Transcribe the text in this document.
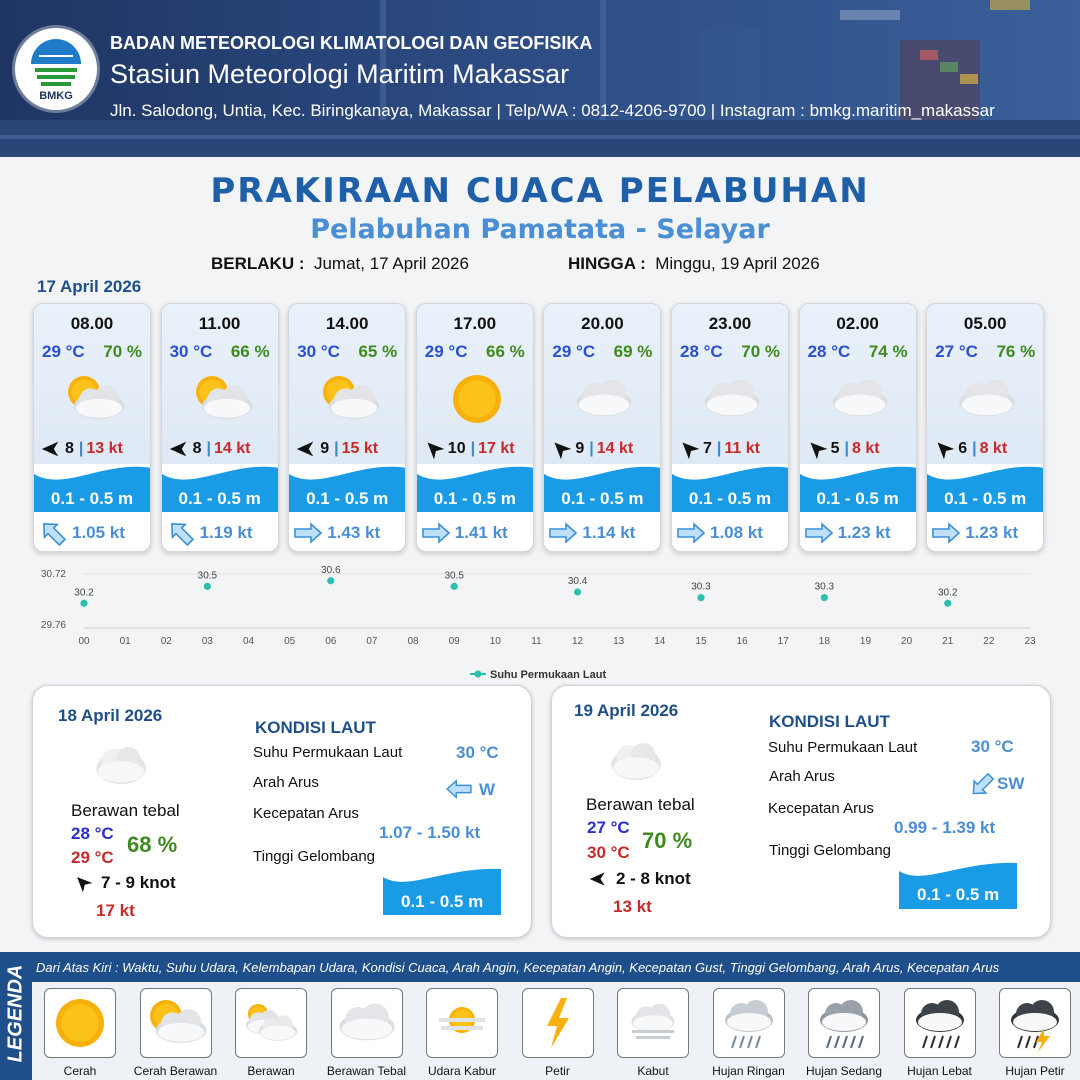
BMKG
BADAN METEOROLOGI KLIMATOLOGI DAN GEOFISIKA
Stasiun Meteorologi Maritim Makassar
Jln. Salodong, Untia, Kec. Biringkanaya, Makassar | Telp/WA : 0812-4206-9700 | Instagram : bmkg.maritim_makassar
PRAKIRAAN CUACA PELABUHAN
Pelabuhan Pamatata - Selayar
BERLAKU : Jumat, 17 April 2026	HINGGA : Minggu, 19 April 2026
17 April 2026
08.00
29 °C 70 %
8 | 13 kt
0.1 - 0.5 m
1.05 kt
11.00
30 °C 66 %
8 | 14 kt
0.1 - 0.5 m
1.19 kt
14.00
30 °C 65 %
9 | 15 kt
0.1 - 0.5 m
1.43 kt
17.00
29 °C 66 %
10 | 17 kt
0.1 - 0.5 m
1.41 kt
20.00
29 °C 69 %
9 | 14 kt
0.1 - 0.5 m
1.14 kt
23.00
28 °C 70 %
7 | 11 kt
0.1 - 0.5 m
1.08 kt
02.00
28 °C 74 %
5 | 8 kt
0.1 - 0.5 m
1.23 kt
05.00
27 °C 76 %
6 | 8 kt
0.1 - 0.5 m
1.23 kt
30.72
29.76
00	01	02	03	04	05	06	07	08	09	10	11	12	13	14	15	16	17	18	19	20	21	22	23
30.2
30.5
30.6
30.5
30.4
30.3	30.3
30.2
Suhu Permukaan Laut
18 April 2026
Berawan tebal
28 °C
29 °C
68 %
7 - 9 knot
17 kt
KONDISI LAUT
Suhu Permukaan Laut	30 °C
Arah Arus	W
Kecepatan Arus
1.07 - 1.50 kt
Tinggi Gelombang
0.1 - 0.5 m
19 April 2026
Berawan tebal
27 °C
30 °C 70 %
2 - 8 knot
13 kt
KONDISI LAUT
Suhu Permukaan Laut	30 °C
Arah Arus	SW
Kecepatan Arus
0.99 - 1.39 kt
Tinggi Gelombang
0.1 - 0.5 m
LEGENDA Dari Atas Kiri : Waktu, Suhu Udara, Kelembapan Udara, Kondisi Cuaca, Arah Angin, Kecepatan Angin, Kecepatan Gust, Tinggi Gelombang, Arah Arus, Kecepatan Arus
Cerah	Cerah Berawan	Berawan	Berawan Tebal	Udara Kabur	Petir	Kabut	Hujan Ringan	Hujan Sedang	Hujan Lebat	Hujan Petir
